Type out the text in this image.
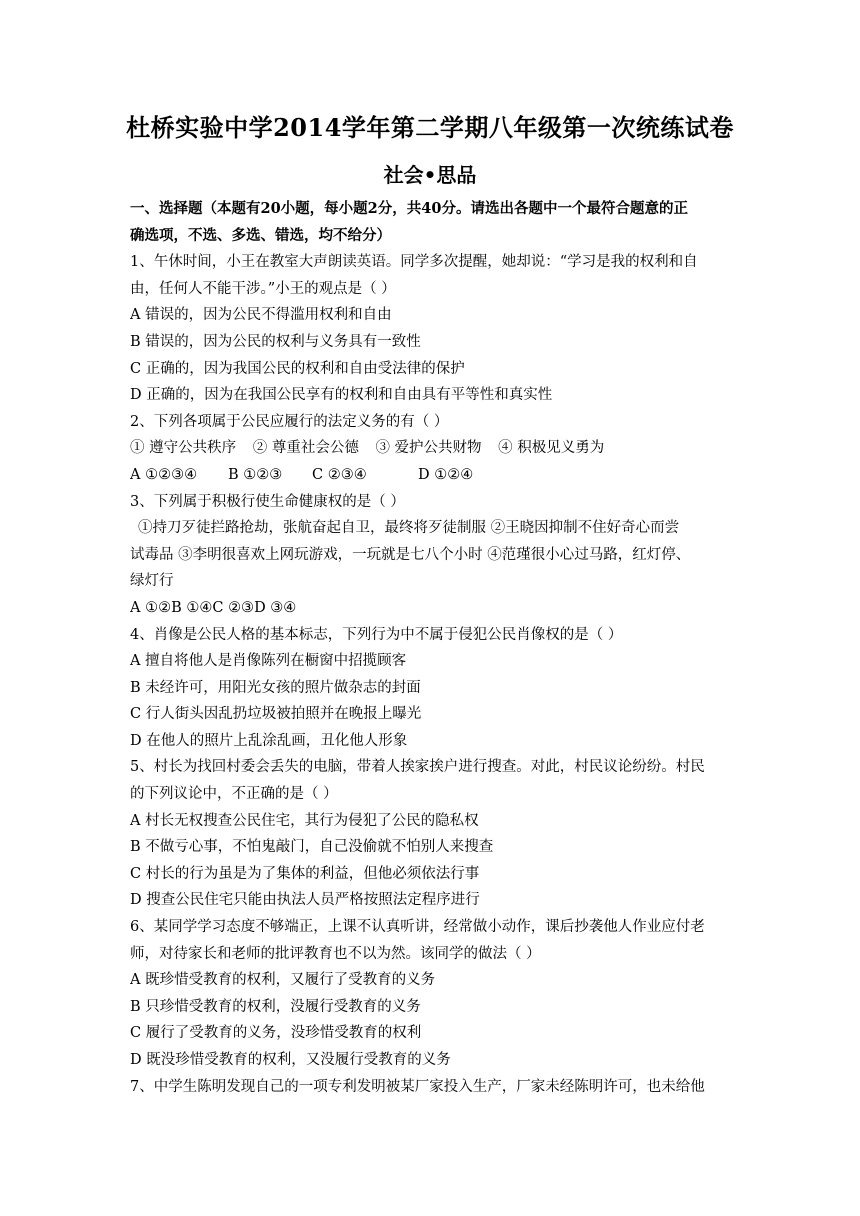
杜桥实验中学2014学年第二学期八年级第一次统练试卷
社会•思品
一、选择题（本题有20小题，每小题2分，共40分。请选出各题中一个最符合题意的正
确选项，不选、多选、错选，均不给分）
1、午休时间，小王在教室大声朗读英语。同学多次提醒，她却说：“学习是我的权利和自
由，任何人不能干涉。”小王的观点是（ ）
A 错误的，因为公民不得滥用权利和自由
B 错误的，因为公民的权利与义务具有一致性
C 正确的，因为我国公民的权利和自由受法律的保护
D 正确的，因为在我国公民享有的权利和自由具有平等性和真实性
2、下列各项属于公民应履行的法定义务的有（ ）
① 遵守公共秩序 ② 尊重社会公德 ③ 爱护公共财物 ④ 积极见义勇为
A ①②③④ B ①②③ C ②③④	D ①②④
3、下列属于积极行使生命健康权的是（ ）
①持刀歹徒拦路抢劫，张航奋起自卫，最终将歹徒制服 ②王晓因抑制不住好奇心而尝
试毒品 ③李明很喜欢上网玩游戏，一玩就是七八个小时 ④范瑾很小心过马路，红灯停、
绿灯行
A ①②B ①④C ②③D ③④
4、肖像是公民人格的基本标志，下列行为中不属于侵犯公民肖像权的是（ ）
A 擅自将他人是肖像陈列在橱窗中招揽顾客
B 未经许可，用阳光女孩的照片做杂志的封面
C 行人街头因乱扔垃圾被拍照并在晚报上曝光
D 在他人的照片上乱涂乱画，丑化他人形象
5、村长为找回村委会丢失的电脑，带着人挨家挨户进行搜查。对此，村民议论纷纷。村民
的下列议论中，不正确的是（ ）
A 村长无权搜查公民住宅，其行为侵犯了公民的隐私权
B 不做亏心事，不怕鬼敲门，自己没偷就不怕别人来搜查
C 村长的行为虽是为了集体的利益，但他必须依法行事
D 搜查公民住宅只能由执法人员严格按照法定程序进行
6、某同学学习态度不够端正，上课不认真听讲，经常做小动作，课后抄袭他人作业应付老
师，对待家长和老师的批评教育也不以为然。该同学的做法（ ）
A 既珍惜受教育的权利，又履行了受教育的义务
B 只珍惜受教育的权利，没履行受教育的义务
C 履行了受教育的义务，没珍惜受教育的权利
D 既没珍惜受教育的权利，又没履行受教育的义务
7、中学生陈明发现自己的一项专利发明被某厂家投入生产，厂家未经陈明许可，也未给他
